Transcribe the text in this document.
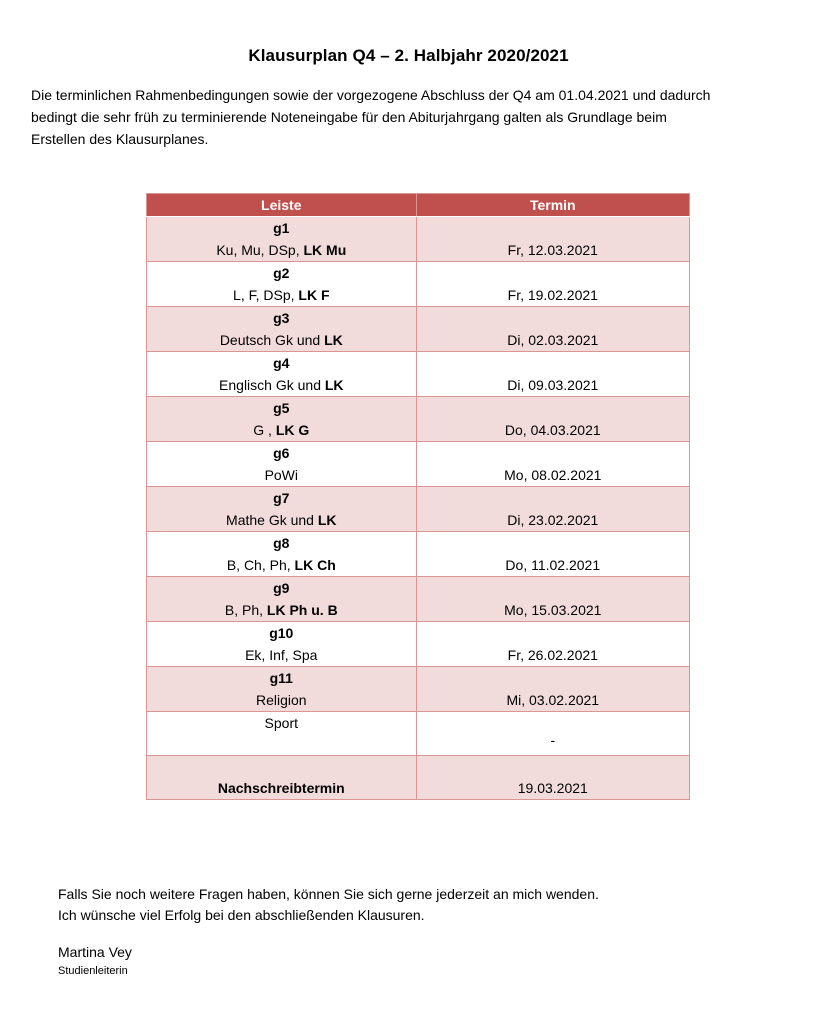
Klausurplan Q4 – 2. Halbjahr 2020/2021
Die terminlichen Rahmenbedingungen sowie der vorgezogene Abschluss der Q4 am 01.04.2021 und dadurch
bedingt die sehr früh zu terminierende Noteneingabe für den Abiturjahrgang galten als Grundlage beim
Erstellen des Klausurplanes.
Leiste	Termin

g1
Ku, Mu, DSp, LK Mu	Fr, 12.03.2021

g2
L, F, DSp, LK F	Fr, 19.02.2021

g3
Deutsch Gk und LK	Di, 02.03.2021

g4
Englisch Gk und LK	Di, 09.03.2021

g5
G , LK G	Do, 04.03.2021

g6
PoWi	Mo, 08.02.2021

g7
Mathe Gk und LK	Di, 23.02.2021

g8
B, Ch, Ph, LK Ch	Do, 11.02.2021

g9
B, Ph, LK Ph u. B	Mo, 15.03.2021

g10
Ek, Inf, Spa	Fr, 26.02.2021

g11
Religion	Mi, 03.02.2021
Sport	-
Nachschreibtermin	19.03.2021
Falls Sie noch weitere Fragen haben, können Sie sich gerne jederzeit an mich wenden.
Ich wünsche viel Erfolg bei den abschließenden Klausuren.
Martina Vey
Studienleiterin
